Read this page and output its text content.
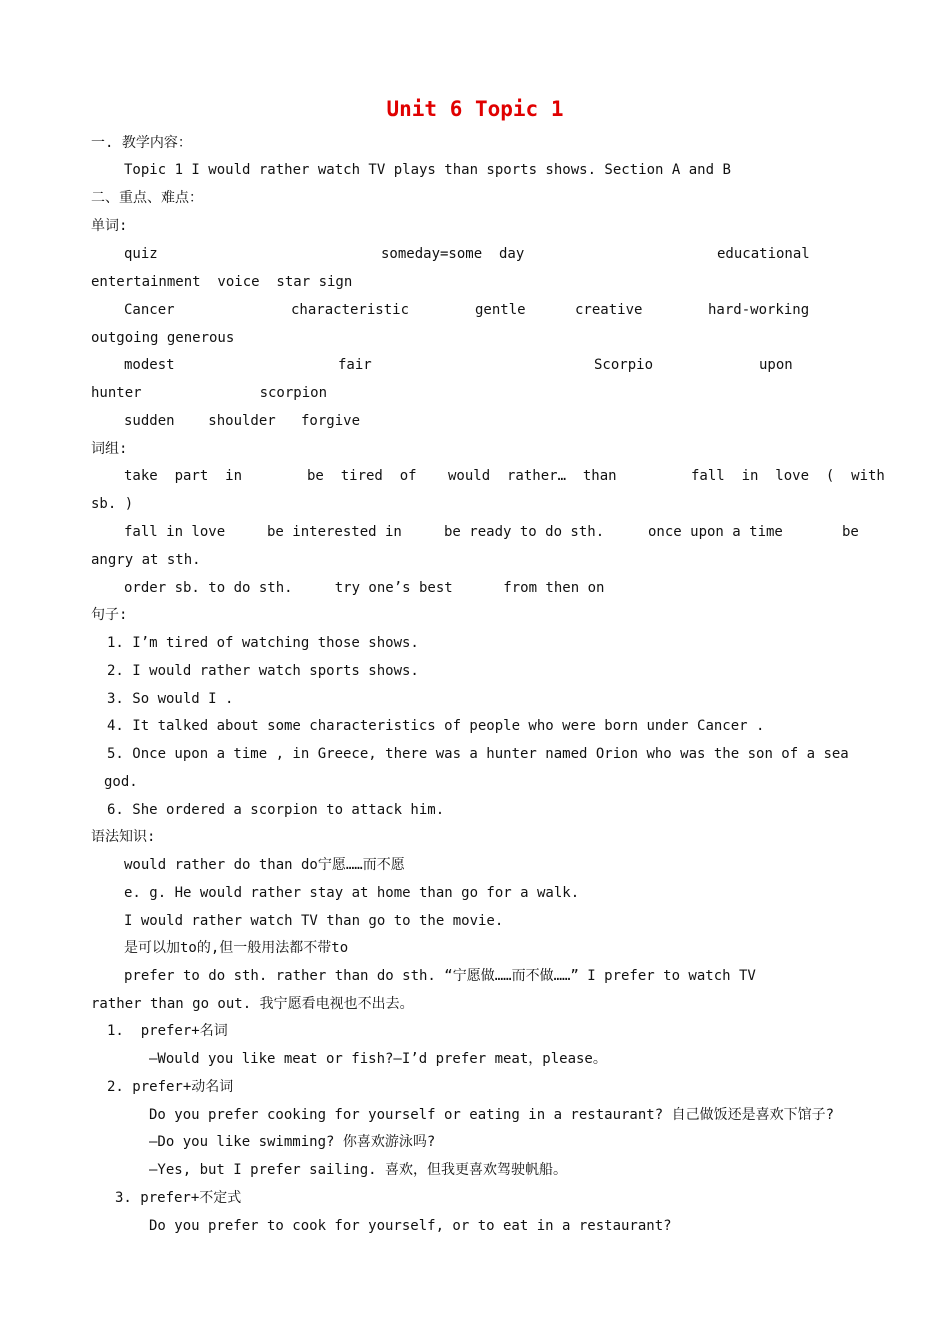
Unit 6 Topic 1
一. 教学内容：
Topic 1 I would rather watch TV plays than sports shows. Section A and B
二、重点、难点：
单词:
quiz	someday=some  day	educational
entertainment  voice  star sign
Cancer	characteristic	gentle	creative	hard-working
outgoing generous
modest	fair	Scorpio	upon
hunter              scorpion
sudden    shoulder   forgive
词组:
take  part  in	be  tired  of would  rather…  than	fall  in  love  (  with
sb. )
fall in love	be interested in	be ready to do sth.	once upon a time	be
angry at sth.
order sb. to do sth.     try one’s best      from then on
句子:
1. I’m tired of watching those shows.
2. I would rather watch sports shows.
3. So would I .
4. It talked about some characteristics of people who were born under Cancer .
5. Once upon a time , in Greece, there was a hunter named Orion who was the son of a sea
god.
6. She ordered a scorpion to attack him.
语法知识:
would rather do than do宁愿……而不愿
e. g. He would rather stay at home than go for a walk.
I would rather watch TV than go to the movie.
是可以加to的,但一般用法都不带to
prefer to do sth. rather than do sth. “宁愿做……而不做……” I prefer to watch TV
rather than go out. 我宁愿看电视也不出去。
1.  prefer+名词
—Would you like meat or fish?—I’d prefer meat，please。
2. prefer+动名词
Do you prefer cooking for yourself or eating in a restaurant? 自己做饭还是喜欢下馆子?
—Do you like swimming? 你喜欢游泳吗?
—Yes, but I prefer sailing. 喜欢，但我更喜欢驾驶帆船。
3. prefer+不定式
Do you prefer to cook for yourself, or to eat in a restaurant?
